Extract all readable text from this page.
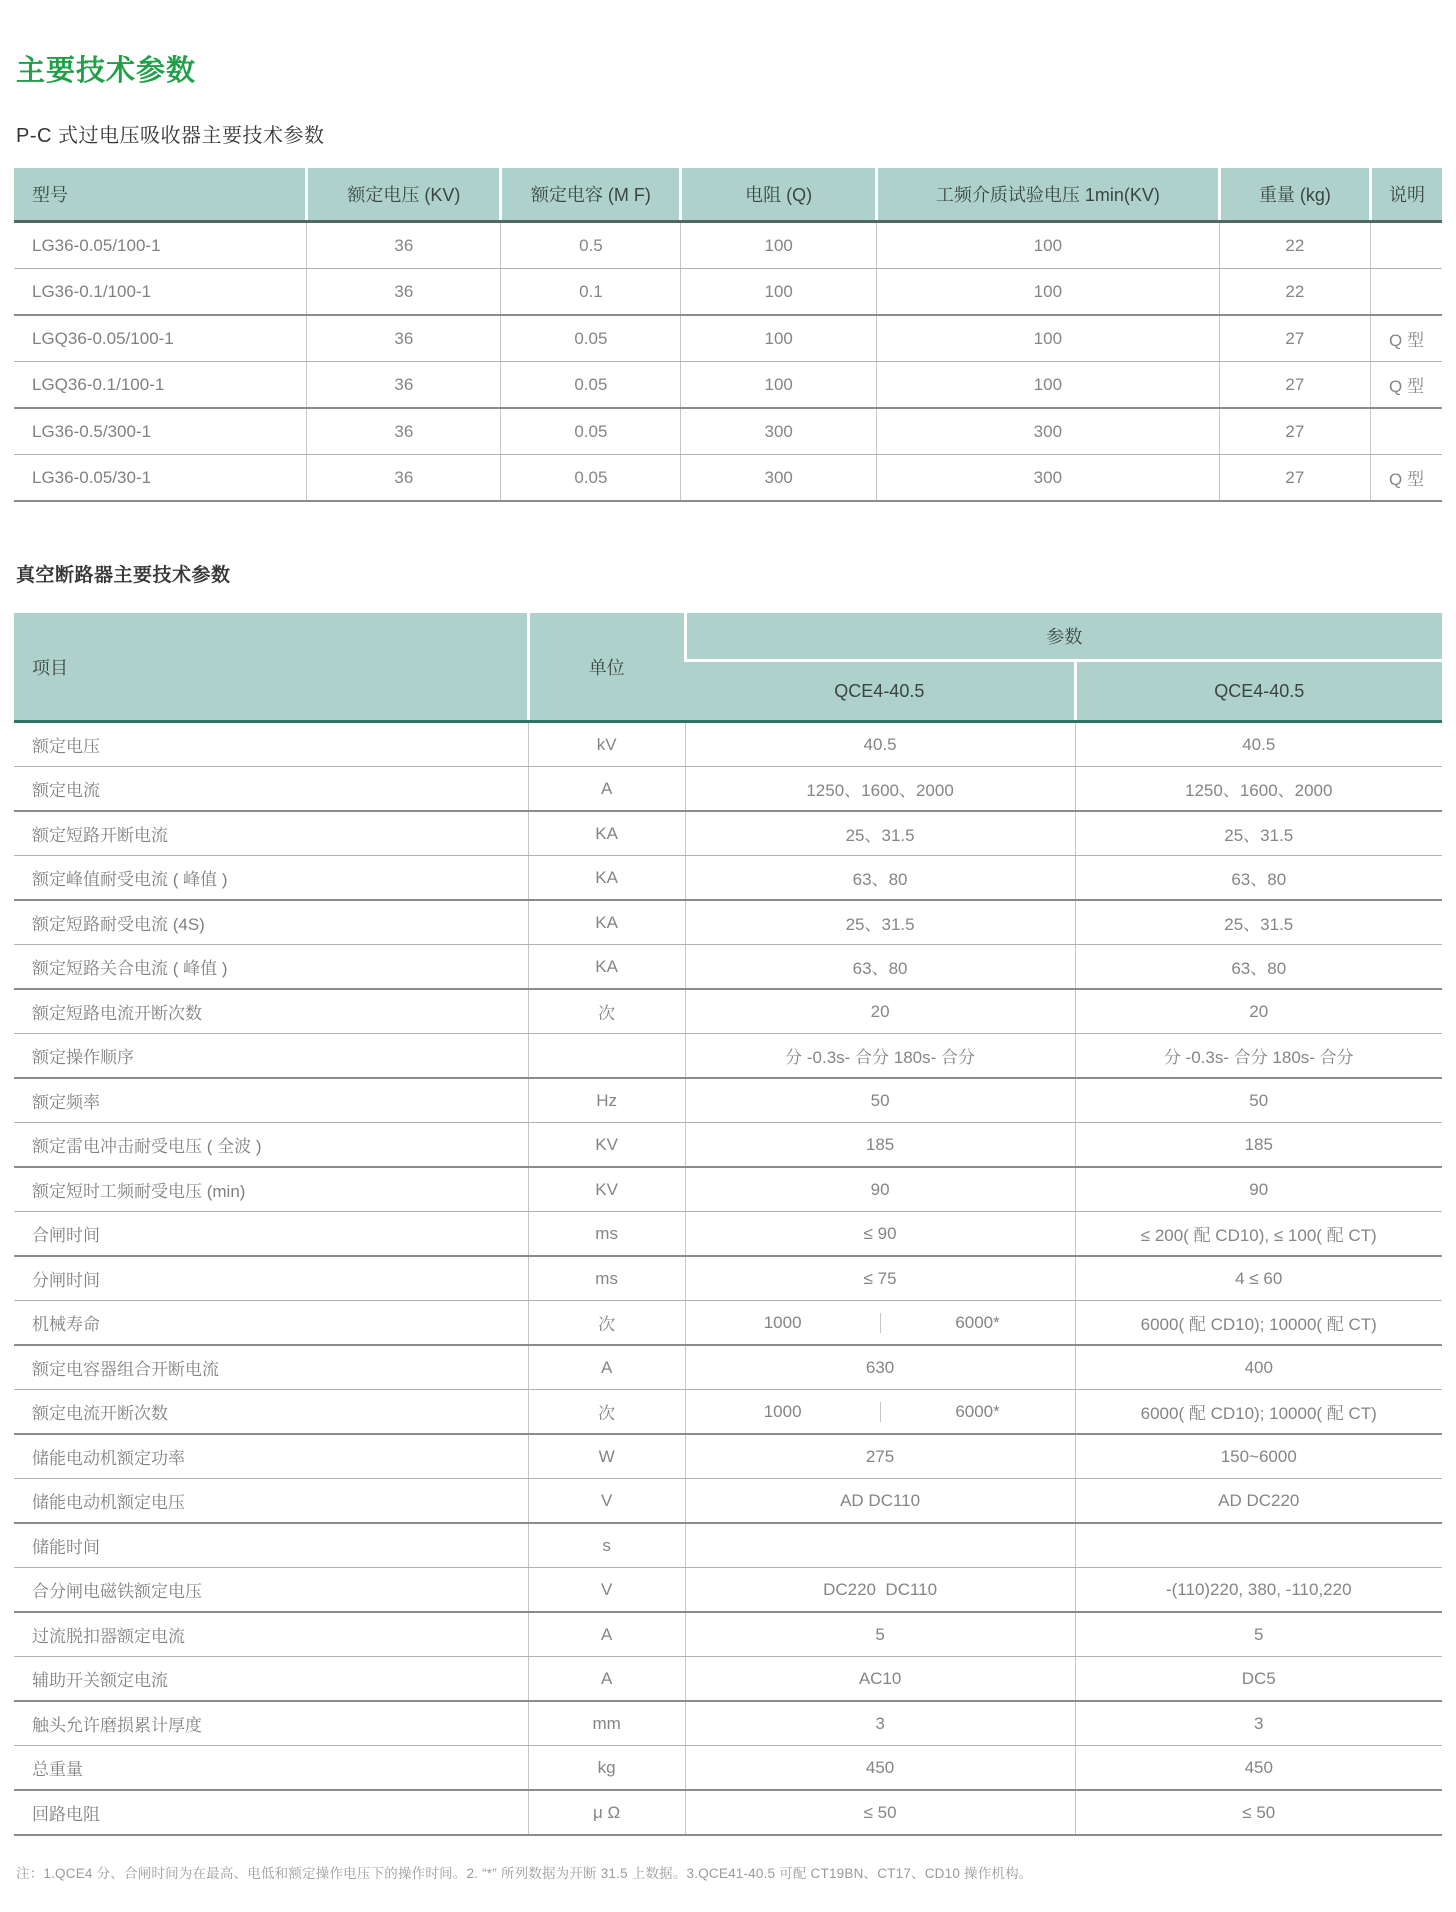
主要技术参数
P-C 式过电压吸收器主要技术参数
型号	额定电压 (KV)	额定电容 (M F)	电阻 (Q)	工频介质试验电压 1min(KV)	重量 (kg)	说明
LG36-0.05/100-1	36	0.5	100	100	22	
LG36-0.1/100-1	36	0.1	100	100	22	
LGQ36-0.05/100-1	36	0.05	100	100	27	Q 型
LGQ36-0.1/100-1	36	0.05	100	100	27	Q 型
LG36-0.5/300-1	36	0.05	300	300	27	
LG36-0.05/30-1	36	0.05	300	300	27	Q 型
真空断路器主要技术参数
项目	单位	参数	
		QCE4-40.5	QCE4-40.5
额定电压	kV	40.5	40.5
额定电流	A	1250、1600、2000	1250、1600、2000
额定短路开断电流	KA	25、31.5	25、31.5
额定峰值耐受电流 ( 峰值 )	KA	63、80	63、80
额定短路耐受电流 (4S)	KA	25、31.5	25、31.5
额定短路关合电流 ( 峰值 )	KA	63、80	63、80
额定短路电流开断次数	次	20	20
额定操作顺序		分 -0.3s- 合分 180s- 合分	分 -0.3s- 合分 180s- 合分
额定频率	Hz	50	50
额定雷电冲击耐受电压 ( 全波 )	KV	185	185
额定短时工频耐受电压 (min)	KV	90	90
合闸时间	ms	≤ 90	≤ 200( 配 CD10), ≤ 100( 配 CT)
分闸时间	ms	≤ 75	4 ≤ 60
机械寿命	次	1000 6000*	6000( 配 CD10); 10000( 配 CT)
额定电容器组合开断电流	A	630	400
额定电流开断次数	次	1000 6000*	6000( 配 CD10); 10000( 配 CT)
储能电动机额定功率	W	275	150~6000
储能电动机额定电压	V	AD DC110	AD DC220
储能时间	s		
合分闸电磁铁额定电压	V	DC220  DC110	-(110)220, 380, -110,220
过流脱扣器额定电流	A	5	5
辅助开关额定电流	A	AC10	DC5
触头允许磨损累计厚度	mm	3	3
总重量	kg	450	450
回路电阻	μ Ω	≤ 50	≤ 50

注：1.QCE4 分、合闸时间为在最高、电低和额定操作电压下的操作时间。2. “*” 所列数据为开断 31.5 上数据。3.QCE41-40.5 可配 CT19BN、CT17、CD10 操作机构。
